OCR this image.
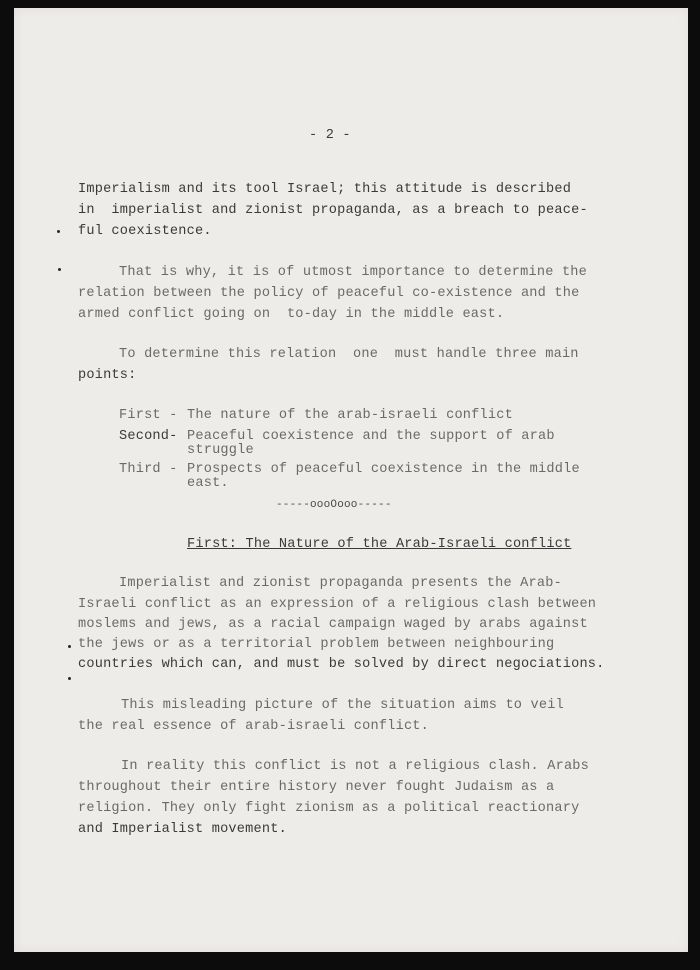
- 2 -
Imperialism and its tool Israel; this attitude is described
in  imperialist and zionist propaganda, as a breach to peace-
ful coexistence.
That is why, it is of utmost importance to determine the
relation between the policy of peaceful co-existence and the
armed conflict going on  to-day in the middle east.
To determine this relation  one  must handle three main
points:
First - The nature of the arab-israeli conflict
Second- Peaceful coexistence and the support of arab
struggle
Third - Prospects of peaceful coexistence in the middle
east.
-----oooOooo-----
First: The Nature of the Arab-Israeli conflict
Imperialist and zionist propaganda presents the Arab-
Israeli conflict as an expression of a religious clash between
moslems and jews, as a racial campaign waged by arabs against
the jews or as a territorial problem between neighbouring
countries which can, and must be solved by direct negociations.
This misleading picture of the situation aims to veil
the real essence of arab-israeli conflict.
In reality this conflict is not a religious clash. Arabs
throughout their entire history never fought Judaism as a
religion. They only fight zionism as a political reactionary
and Imperialist movement.
